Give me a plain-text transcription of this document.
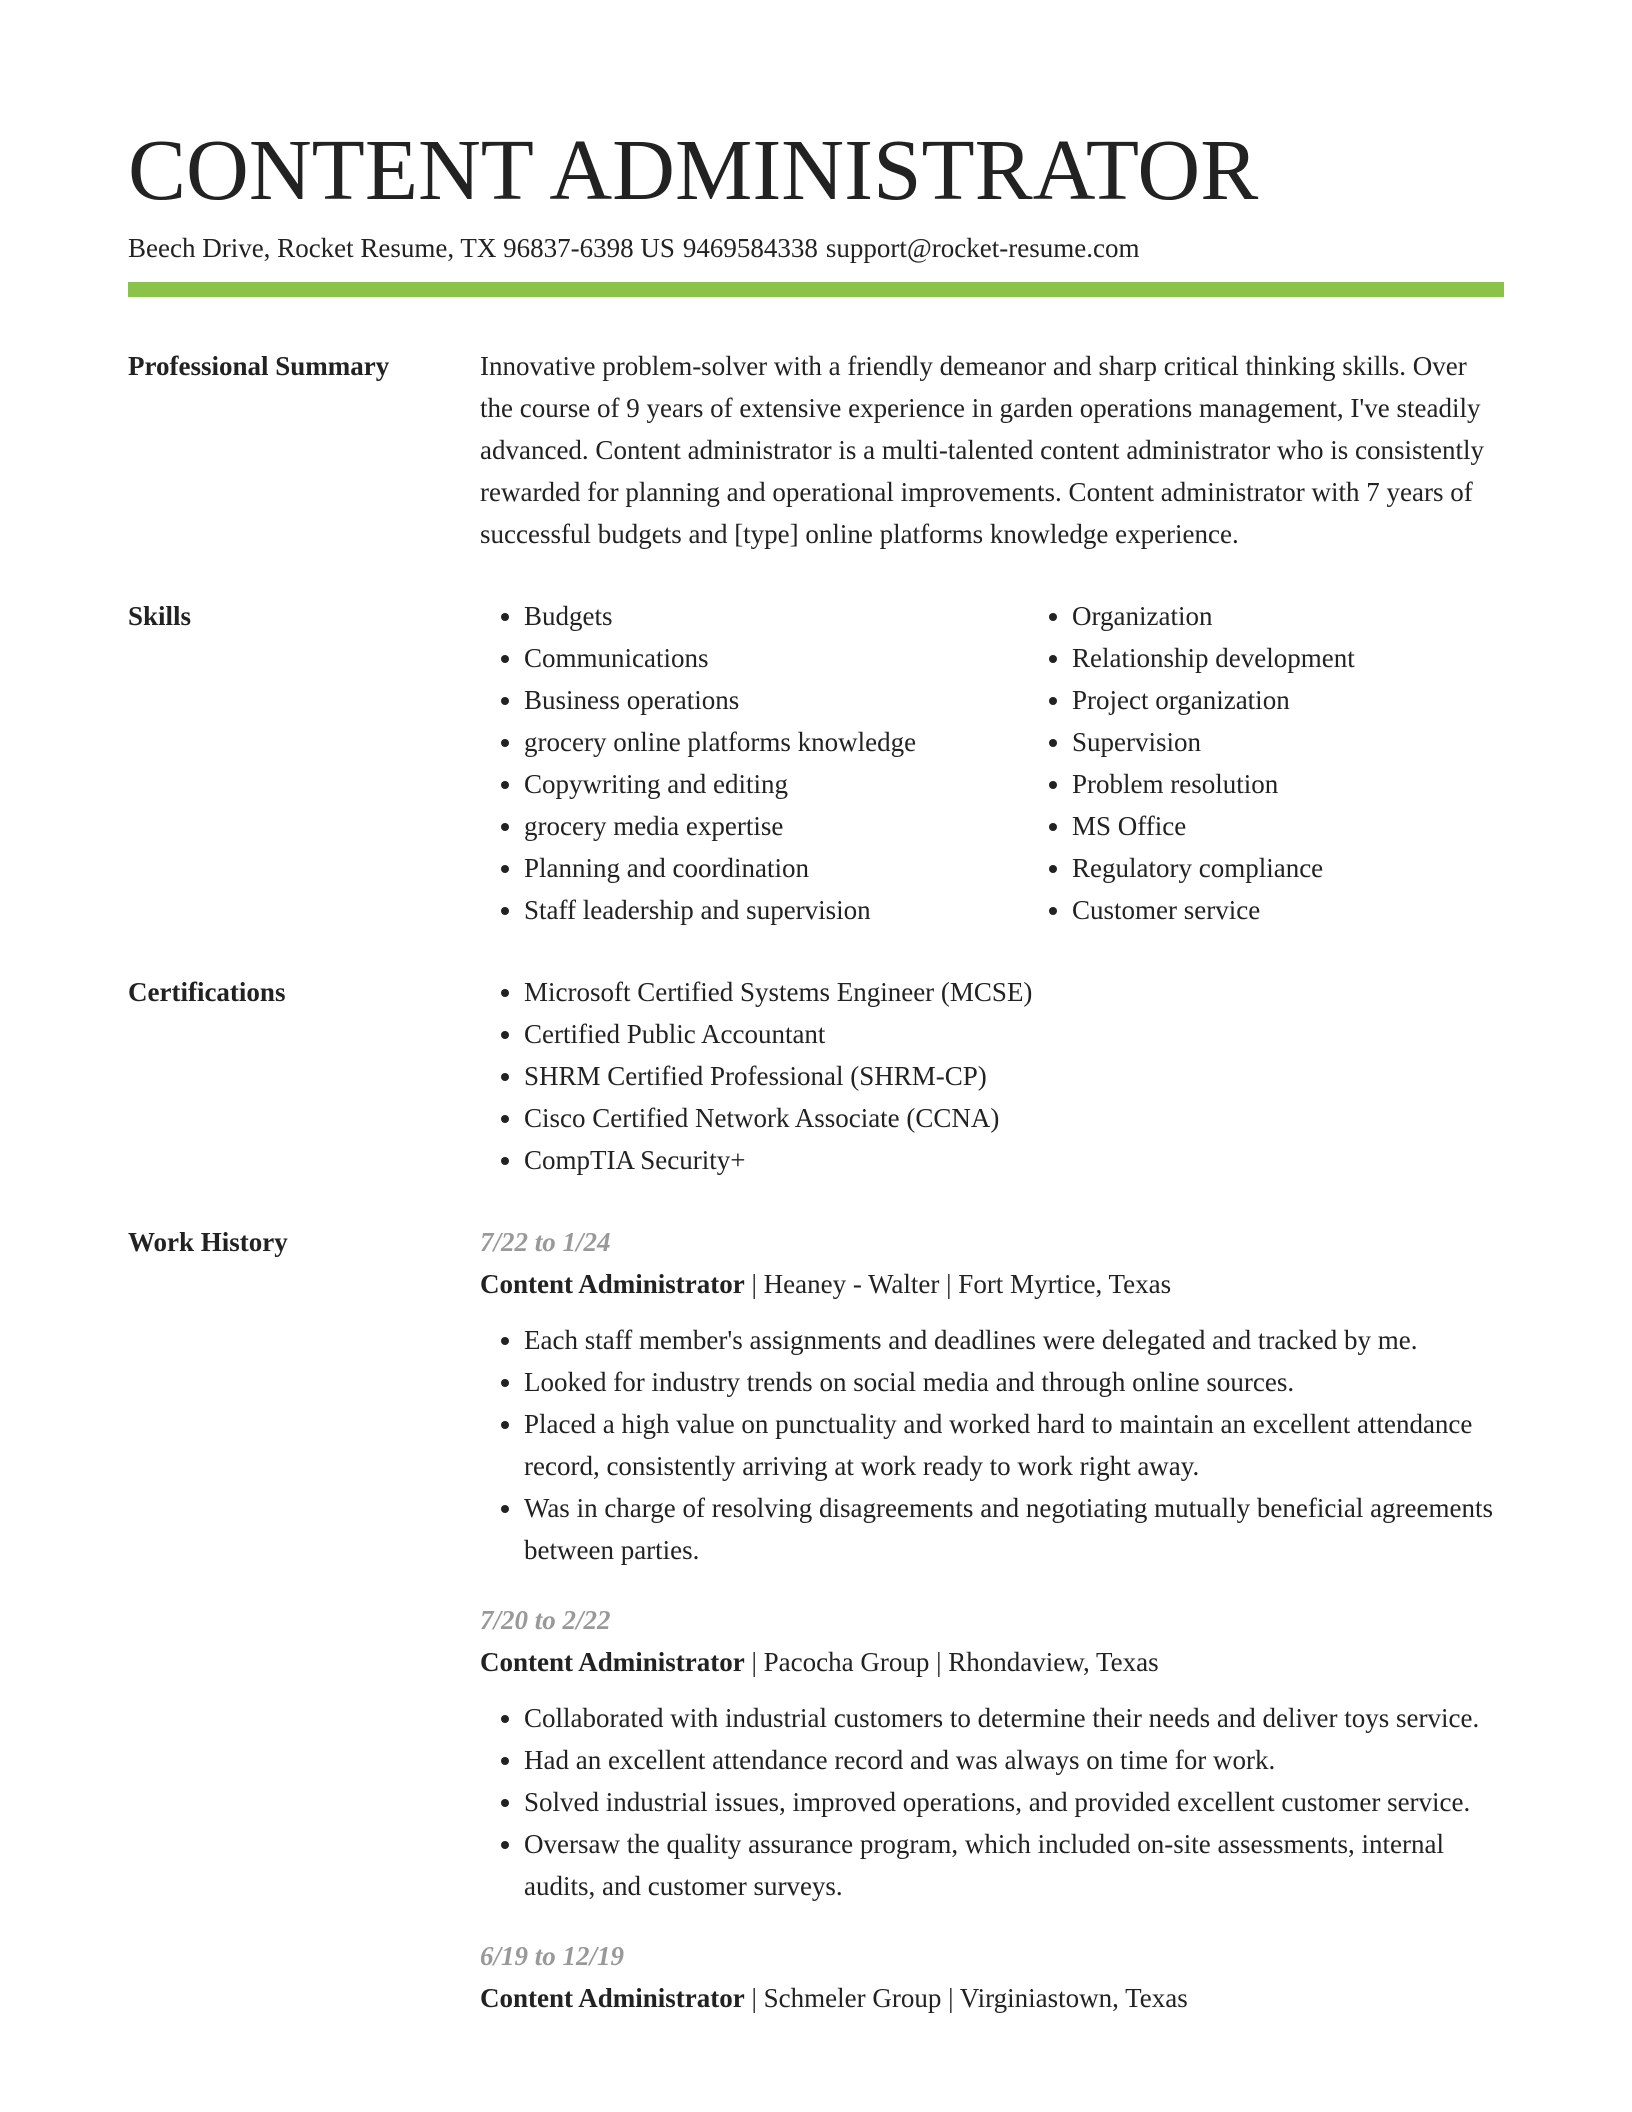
CONTENT ADMINISTRATOR
Beech Drive, Rocket Resume, TX 96837-6398 US 9469584338 support@rocket-resume.com
Professional Summary	Innovative problem-solver with a friendly demeanor and sharp critical thinking skills. Over the course of 9 years of extensive experience in garden operations management, I've steadily advanced. Content administrator is a multi-talented content administrator who is consistently rewarded for planning and operational improvements. Content administrator with 7 years of successful budgets and [type] online platforms knowledge experience.

Skills	• Budgets
• Communications
• Business operations
• grocery online platforms knowledge
• Copywriting and editing
• grocery media expertise
• Planning and coordination
• Staff leadership and supervision
• Organization
• Relationship development
• Project organization
• Supervision
• Problem resolution
• MS Office
• Regulatory compliance
• Customer service
Certifications	• Microsoft Certified Systems Engineer (MCSE)
• Certified Public Accountant
• SHRM Certified Professional (SHRM-CP)
• Cisco Certified Network Associate (CCNA)
• CompTIA Security+
Work History	7/22 to 1/24
Content Administrator | Heaney - Walter | Fort Myrtice, Texas
• Each staff member's assignments and deadlines were delegated and tracked by me.
• Looked for industry trends on social media and through online sources.
• Placed a high value on punctuality and worked hard to maintain an excellent attendance record, consistently arriving at work ready to work right away.
• Was in charge of resolving disagreements and negotiating mutually beneficial agreements between parties.
7/20 to 2/22
Content Administrator | Pacocha Group | Rhondaview, Texas
• Collaborated with industrial customers to determine their needs and deliver toys service.
• Had an excellent attendance record and was always on time for work.
• Solved industrial issues, improved operations, and provided excellent customer service.
• Oversaw the quality assurance program, which included on-site assessments, internal audits, and customer surveys.
6/19 to 12/19
Content Administrator | Schmeler Group | Virginiastown, Texas
